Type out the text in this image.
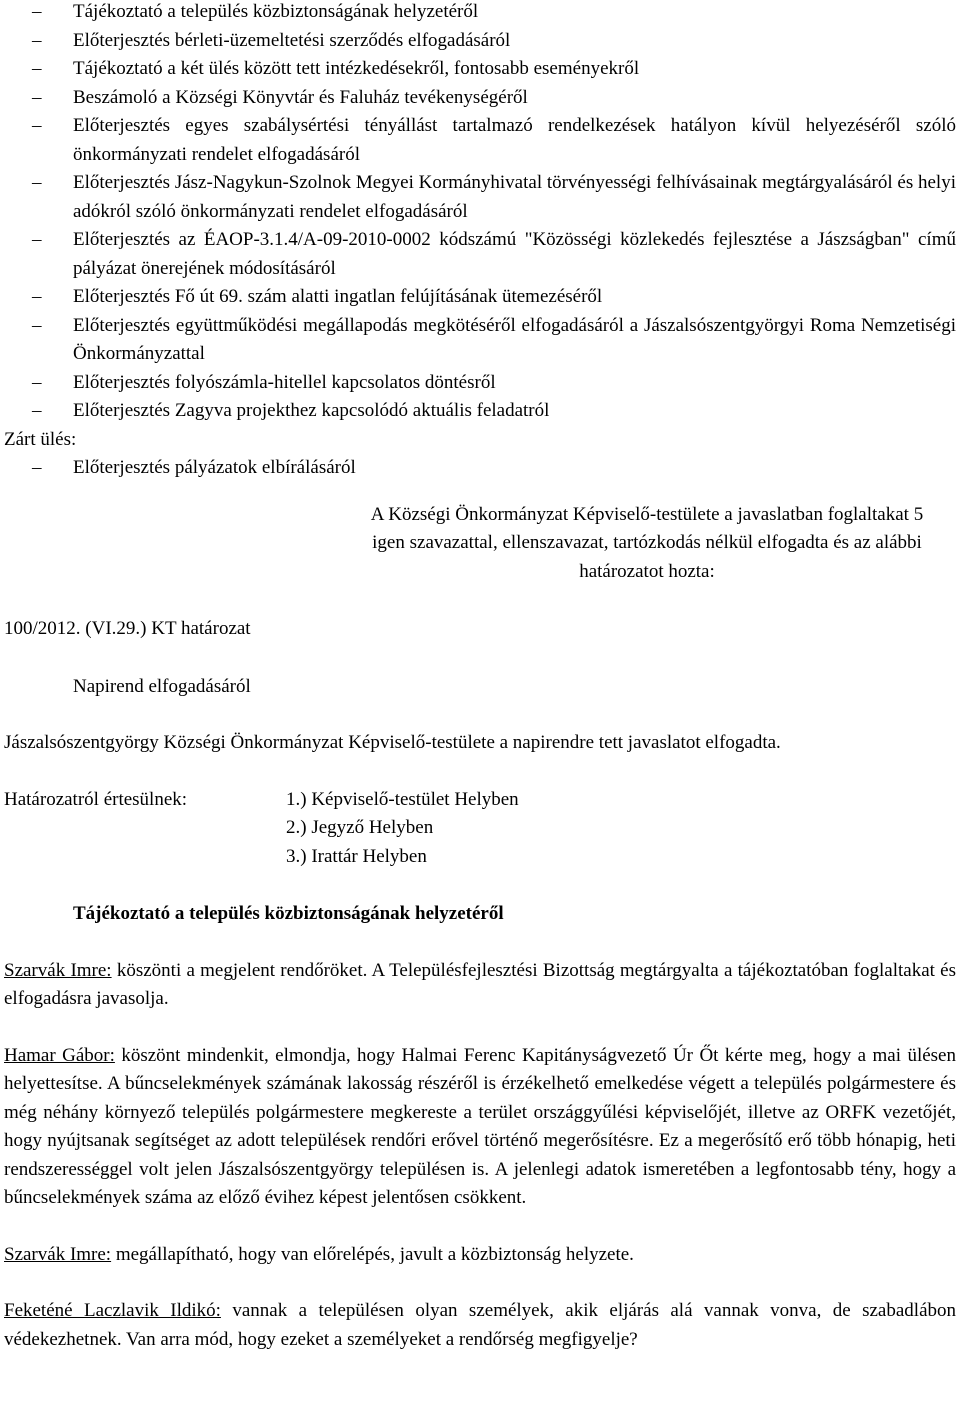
– Tájékoztató a település közbiztonságának helyzetéről
– Előterjesztés bérleti-üzemeltetési szerződés elfogadásáról
– Tájékoztató a két ülés között tett intézkedésekről, fontosabb eseményekről
– Beszámoló a Községi Könyvtár és Faluház tevékenységéről
– Előterjesztés egyes szabálysértési tényállást tartalmazó rendelkezések hatályon kívül helyezéséről szóló önkormányzati rendelet elfogadásáról
– Előterjesztés Jász-Nagykun-Szolnok Megyei Kormányhivatal törvényességi felhívásainak megtárgyalásáról és helyi adókról szóló önkormányzati rendelet elfogadásáról
– Előterjesztés az ÉAOP-3.1.4/A-09-2010-0002 kódszámú "Közösségi közlekedés fejlesztése a Jászságban" című pályázat önerejének módosításáról
– Előterjesztés Fő út 69. szám alatti ingatlan felújításának ütemezéséről
– Előterjesztés együttműködési megállapodás megkötéséről elfogadásáról a Jászalsószentgyörgyi Roma Nemzetiségi Önkormányzattal
– Előterjesztés folyószámla-hitellel kapcsolatos döntésről
– Előterjesztés Zagyva projekthez kapcsolódó aktuális feladatról
Zárt ülés:
– Előterjesztés pályázatok elbírálásáról
A Községi Önkormányzat Képviselő-testülete a javaslatban foglaltakat 5 igen szavazattal, ellenszavazat, tartózkodás nélkül elfogadta és az alábbi határozatot hozta:
100/2012. (VI.29.) KT határozat
Napirend elfogadásáról
Jászalsószentgyörgy Községi Önkormányzat Képviselő-testülete a napirendre tett javaslatot elfogadta.
Határozatról értesülnek:	1.) Képviselő-testület Helyben
2.) Jegyző Helyben
3.) Irattár Helyben
Tájékoztató a település közbiztonságának helyzetéről

Szarvák Imre: köszönti a megjelent rendőröket. A Településfejlesztési Bizottság megtárgyalta a tájékoztatóban foglaltakat és elfogadásra javasolja.

Hamar Gábor: köszönt mindenkit, elmondja, hogy Halmai Ferenc Kapitányságvezető Úr Őt kérte meg, hogy a mai ülésen helyettesítse. A bűncselekmények számának lakosság részéről is érzékelhető emelkedése végett a település polgármestere és még néhány környező település polgármestere megkereste a terület országgyűlési képviselőjét, illetve az ORFK vezetőjét, hogy nyújtsanak segítséget az adott települések rendőri erővel történő megerősítésre. Ez a megerősítő erő több hónapig, heti rendszerességgel volt jelen Jászalsószentgyörgy településen is. A jelenlegi adatok ismeretében a legfontosabb tény, hogy a bűncselekmények száma az előző évihez képest jelentősen csökkent.

Szarvák Imre: megállapítható, hogy van előrelépés, javult a közbiztonság helyzete.

Feketéné Laczlavik Ildikó: vannak a településen olyan személyek, akik eljárás alá vannak vonva, de szabadlábon védekezhetnek. Van arra mód, hogy ezeket a személyeket a rendőrség megfigyelje?
